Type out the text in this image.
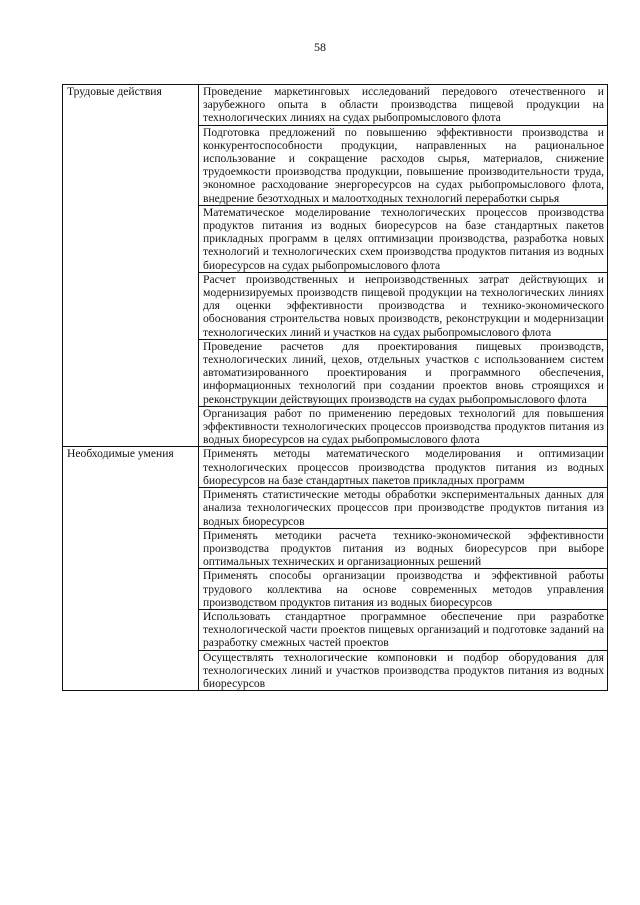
58
Трудовые действия	Проведение маркетинговых исследований передового отечественного и зарубежного опыта в области производства пищевой продукции на технологических линиях на судах рыбопромыслового флота
	Подготовка предложений по повышению эффективности производства и конкурентоспособности продукции, направленных на рациональное использование и сокращение расходов сырья, материалов, снижение трудоемкости производства продукции, повышение производительности труда, экономное расходование энергоресурсов на судах рыбопромыслового флота, внедрение безотходных и малоотходных технологий переработки сырья
	Математическое моделирование технологических процессов производства продуктов питания из водных биоресурсов на базе стандартных пакетов прикладных программ в целях оптимизации производства, разработка новых технологий и технологических схем производства продуктов питания из водных биоресурсов на судах рыбопромыслового флота
	Расчет производственных и непроизводственных затрат действующих и модернизируемых производств пищевой продукции на технологических линиях для оценки эффективности производства и технико-экономического обоснования строительства новых производств, реконструкции и модернизации технологических линий и участков на судах рыбопромыслового флота
	Проведение расчетов для проектирования пищевых производств, технологических линий, цехов, отдельных участков с использованием систем автоматизированного проектирования и программного обеспечения, информационных технологий при создании проектов вновь строящихся и реконструкции действующих производств на судах рыбопромыслового флота
	Организация работ по применению передовых технологий для повышения эффективности технологических процессов производства продуктов питания из водных биоресурсов на судах рыбопромыслового флота
Необходимые умения	Применять методы математического моделирования и оптимизации технологических процессов производства продуктов питания из водных биоресурсов на базе стандартных пакетов прикладных программ
	Применять статистические методы обработки экспериментальных данных для анализа технологических процессов при производстве продуктов питания из водных биоресурсов
	Применять методики расчета технико-экономической эффективности производства продуктов питания из водных биоресурсов при выборе оптимальных технических и организационных решений
	Применять способы организации производства и эффективной работы трудового коллектива на основе современных методов управления производством продуктов питания из водных биоресурсов
	Использовать стандартное программное обеспечение при разработке технологической части проектов пищевых организаций и подготовке заданий на разработку смежных частей проектов
	Осуществлять технологические компоновки и подбор оборудования для технологических линий и участков производства продуктов питания из водных биоресурсов
